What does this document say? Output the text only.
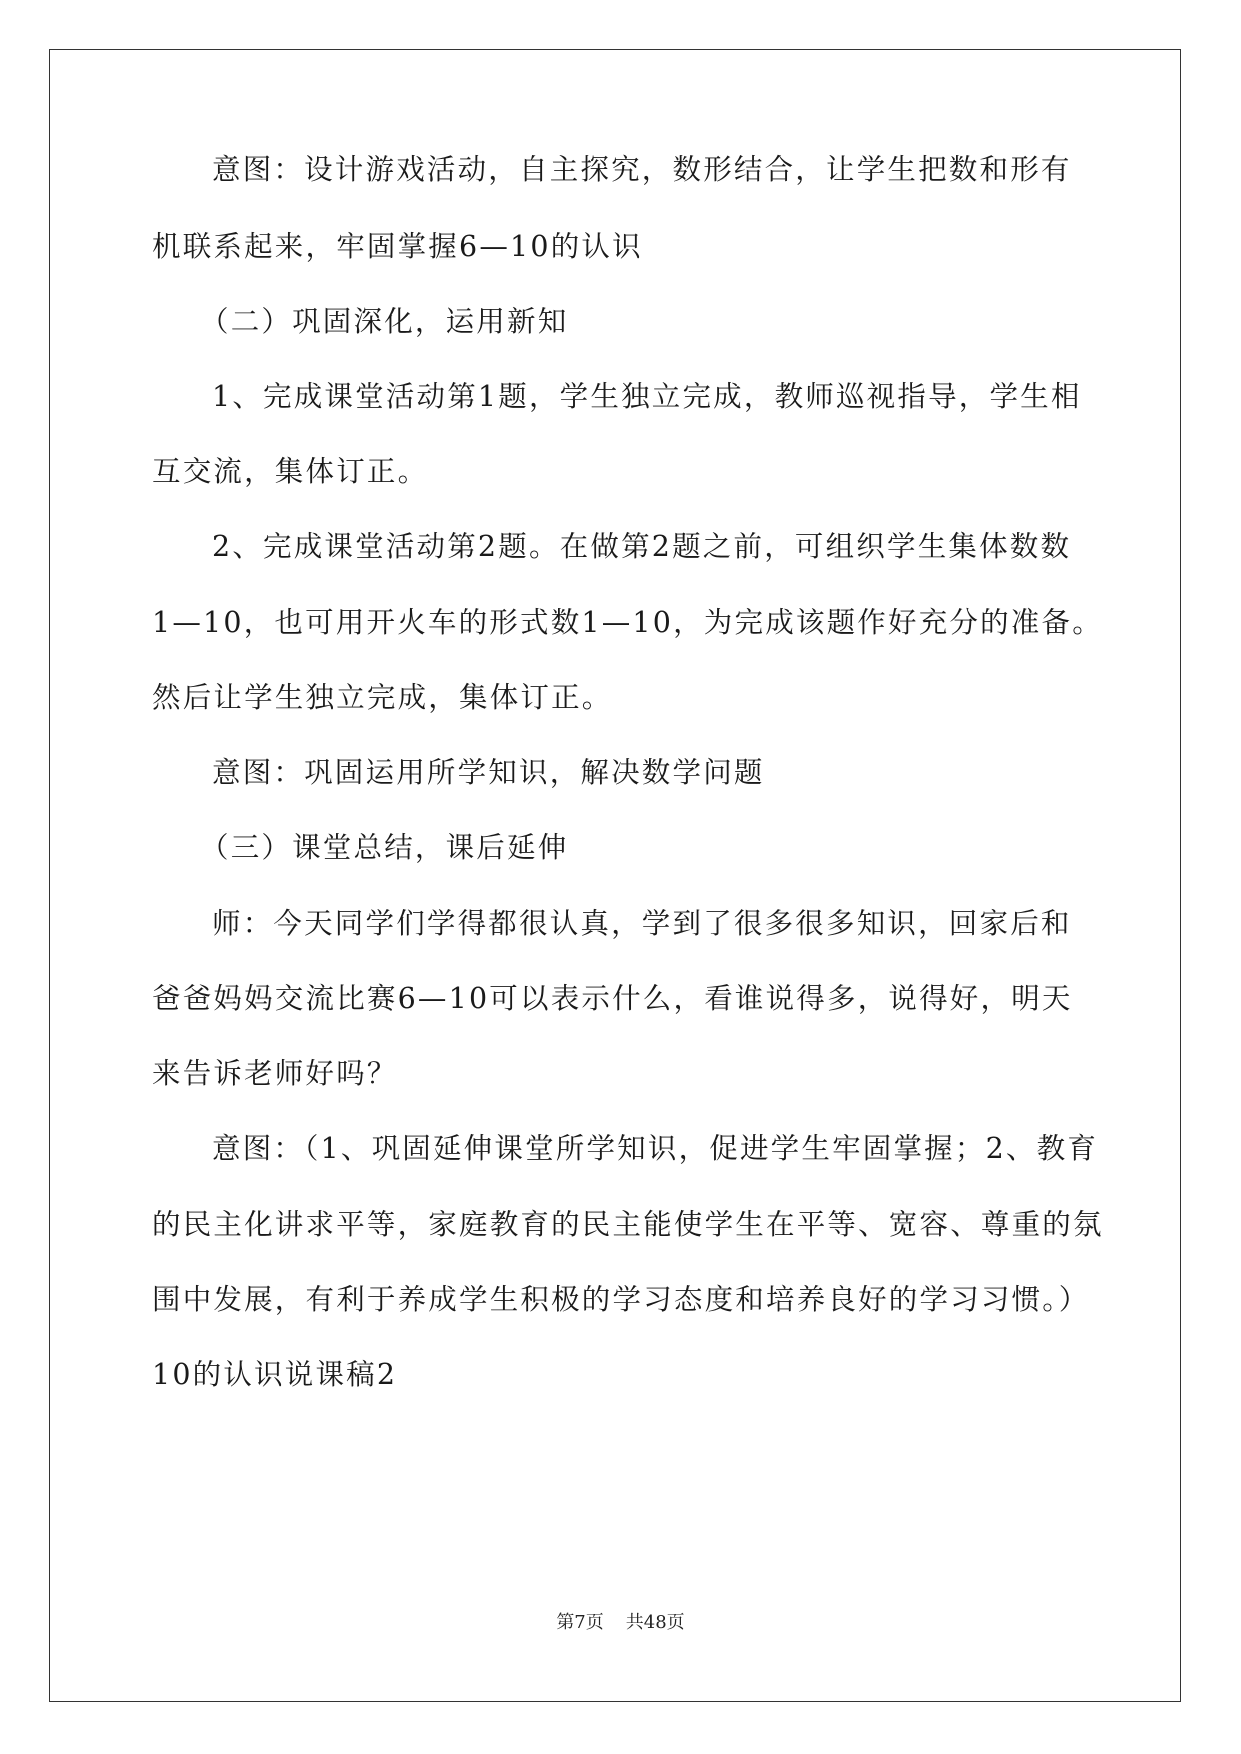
意图：设计游戏活动，自主探究，数形结合，让学生把数和形有
机联系起来，牢固掌握6—10的认识
（二）巩固深化，运用新知
1、完成课堂活动第1题，学生独立完成，教师巡视指导，学生相
互交流，集体订正。
2、完成课堂活动第2题。在做第2题之前，可组织学生集体数数
1—10，也可用开火车的形式数1—10，为完成该题作好充分的准备。
然后让学生独立完成，集体订正。
意图：巩固运用所学知识，解决数学问题
（三）课堂总结，课后延伸
师：今天同学们学得都很认真，学到了很多很多知识，回家后和
爸爸妈妈交流比赛6—10可以表示什么，看谁说得多，说得好，明天
来告诉老师好吗？
意图：（1、巩固延伸课堂所学知识，促进学生牢固掌握；2、教育
的民主化讲求平等，家庭教育的民主能使学生在平等、宽容、尊重的氛
围中发展，有利于养成学生积极的学习态度和培养良好的学习习惯。）
10的认识说课稿2
第7页 共48页
